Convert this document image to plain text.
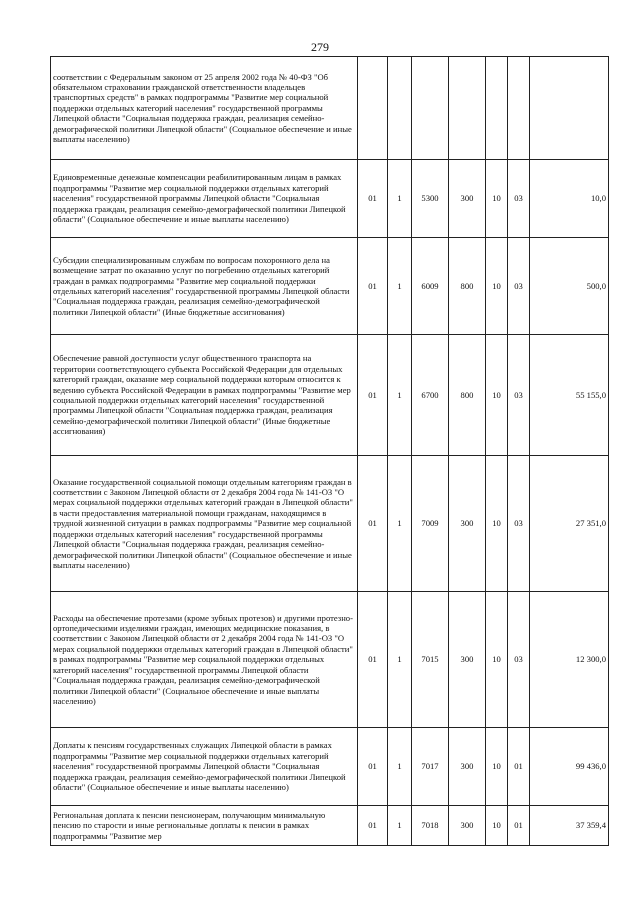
279
соответствии с Федеральным законом от 25 апреля 2002 года № 40-ФЗ "Об обязательном страховании гражданской ответственности владельцев транспортных средств" в рамках подпрограммы "Развитие мер социальной поддержки отдельных категорий населения" государственной программы Липецкой области "Социальная поддержка граждан, реализация семейно-демографической политики Липецкой области" (Социальное обеспечение и иные выплаты населению)							
Единовременные денежные компенсации реабилитированным лицам в рамках подпрограммы "Развитие мер социальной поддержки отдельных категорий населения" государственной программы Липецкой области "Социальная поддержка граждан, реализация семейно-демографической политики Липецкой области" (Социальное обеспечение и иные выплаты населению)	01	1	5300	300	10	03	10,0
Субсидии специализированным службам по вопросам похоронного дела на возмещение затрат по оказанию услуг по погребению отдельных категорий граждан в рамках подпрограммы "Развитие мер социальной поддержки отдельных категорий населения" государственной программы Липецкой области "Социальная поддержка граждан, реализация семейно-демографической политики Липецкой области" (Иные бюджетные ассигнования)	01	1	6009	800	10	03	500,0
Обеспечение равной доступности услуг общественного транспорта на территории соответствующего субъекта Российской Федерации для отдельных категорий граждан, оказание мер социальной поддержки которым относится к ведению субъекта Российской Федерации в рамках подпрограммы "Развитие мер социальной поддержки отдельных категорий населения" государственной программы Липецкой области "Социальная поддержка граждан, реализация семейно-демографической политики Липецкой области" (Иные бюджетные ассигнования)	01	1	6700	800	10	03	55 155,0
Оказание государственной социальной помощи отдельным категориям граждан в соответствии с Законом Липецкой области от 2 декабря 2004 года № 141-ОЗ "О мерах социальной поддержки отдельных категорий граждан в Липецкой области" в части предоставления материальной помощи гражданам, находящимся в трудной жизненной ситуации в рамках подпрограммы "Развитие мер социальной поддержки отдельных категорий населения" государственной программы Липецкой области "Социальная поддержка граждан, реализация семейно-демографической политики Липецкой области" (Социальное обеспечение и иные выплаты населению)	01	1	7009	300	10	03	27 351,0
Расходы на обеспечение протезами (кроме зубных протезов) и другими протезно-ортопедическими изделиями граждан, имеющих медицинские показания, в соответствии с Законом Липецкой области от 2 декабря 2004 года № 141-ОЗ "О мерах социальной поддержки отдельных категорий граждан в Липецкой области" в рамках подпрограммы "Развитие мер социальной поддержки отдельных категорий населения" государственной программы Липецкой области "Социальная поддержка граждан, реализация семейно-демографической политики Липецкой области" (Социальное обеспечение и иные выплаты населению)	01	1	7015	300	10	03	12 300,0
Доплаты к пенсиям государственных служащих Липецкой области в рамках подпрограммы "Развитие мер социальной поддержки отдельных категорий населения" государственной программы Липецкой области "Социальная поддержка граждан, реализация семейно-демографической политики Липецкой области" (Социальное обеспечение и иные выплаты населению)	01	1	7017	300	10	01	99 436,0
Региональная доплата к пенсии пенсионерам, получающим минимальную пенсию по старости и иные региональные доплаты к пенсии в рамках подпрограммы "Развитие мер	01	1	7018	300	10	01	37 359,4
